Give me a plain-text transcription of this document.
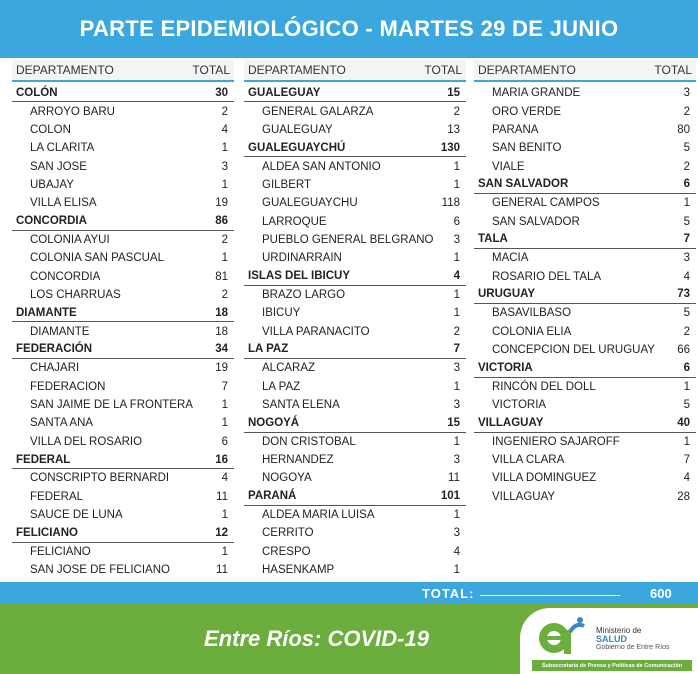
PARTE EPIDEMIOLÓGICO - MARTES 29 DE JUNIO
DEPARTAMENTO	TOTAL
COLÓN	30
ARROYO BARU	2
COLON	4
LA CLARITA	1
SAN JOSE	3
UBAJAY	1
VILLA ELISA	19
CONCORDIA	86
COLONIA AYUI	2
COLONIA SAN PASCUAL	1
CONCORDIA	81
LOS CHARRUAS	2
DIAMANTE	18
DIAMANTE	18
FEDERACIÓN	34
CHAJARI	19
FEDERACION	7
SAN JAIME DE LA FRONTERA 1
SANTA ANA	1
VILLA DEL ROSARIO	6
FEDERAL	16
CONSCRIPTO BERNARDI	4
FEDERAL	11
SAUCE DE LUNA	1
FELICIANO	12
FELICIANO	1
SAN JOSE DE FELICIANO	11
DEPARTAMENTO	TOTAL
GUALEGUAY	15
GENERAL GALARZA	2
GUALEGUAY	13
GUALEGUAYCHÚ	130
ALDEA SAN ANTONIO	1
GILBERT	1
GUALEGUAYCHU	118
LARROQUE	6
PUEBLO GENERAL BELGRANO 3
URDINARRAIN	1
ISLAS DEL IBICUY	4
BRAZO LARGO	1
IBICUY	1
VILLA PARANACITO	2
LA PAZ	7
ALCARAZ	3
LA PAZ	1
SANTA ELENA	3
NOGOYÁ	15
DON CRISTOBAL	1
HERNANDEZ	3
NOGOYA	11
PARANÁ	101
ALDEA MARIA LUISA	1
CERRITO	3
CRESPO	4
HASENKAMP	1
DEPARTAMENTO	TOTAL
MARIA GRANDE	3
ORO VERDE	2
PARANA	80
SAN BENITO	5
VIALE	2
SAN SALVADOR	6
GENERAL CAMPOS	1
SAN SALVADOR	5
TALA	7
MACIA	3
ROSARIO DEL TALA	4
URUGUAY	73
BASAVILBASO	5
COLONIA ELIA	2
CONCEPCION DEL URUGUAY 66
VICTORIA	6
RINCÓN DEL DOLL	1
VICTORIA	5
VILLAGUAY	40
INGENIERO SAJAROFF	1
VILLA CLARA	7
VILLA DOMINGUEZ	4
VILLAGUAY	28
TOTAL:	600
Entre Ríos: COVID-19	Ministerio de
SALUD
Gobierno de Entre Ríos
Subsecretaría de Prensa y Políticas de Comunicación
